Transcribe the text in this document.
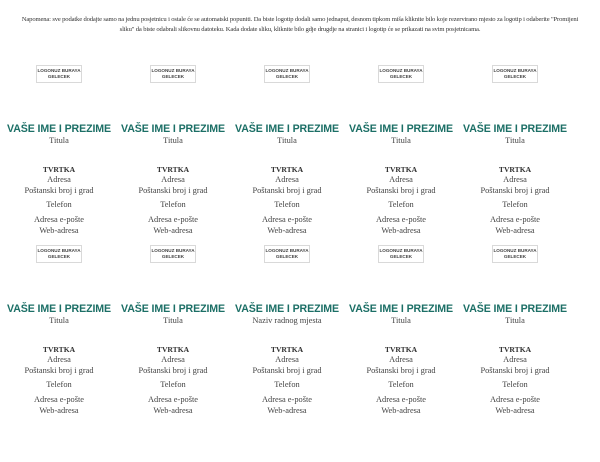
Napomena: sve podatke dodajte samo na jednu posjetnicu i ostale će se automatski popuniti. Da biste logotip dodali samo jednaput, desnom tipkom miša kliknite bilo koje rezervirano mjesto za logotip i odaberite "Promijeni sliku" da biste odabrali slikovnu datoteku. Kada dodate sliku, kliknite bilo gdje drugdje na stranici i logotip će se prikazati na svim posjetnicama.
LOGONUZ BURAYA
GELECEK
VAŠE IME I PREZIME
Titula
TVRTKA
Adresa
Poštanski broj i grad
Telefon
Adresa e-pošte
Web-adresa
LOGONUZ BURAYA
GELECEK
VAŠE IME I PREZIME
Titula
TVRTKA
Adresa
Poštanski broj i grad
Telefon
Adresa e-pošte
Web-adresa
LOGONUZ BURAYA
GELECEK
VAŠE IME I PREZIME
Titula
TVRTKA
Adresa
Poštanski broj i grad
Telefon
Adresa e-pošte
Web-adresa
LOGONUZ BURAYA
GELECEK
VAŠE IME I PREZIME
Titula
TVRTKA
Adresa
Poštanski broj i grad
Telefon
Adresa e-pošte
Web-adresa
LOGONUZ BURAYA
GELECEK
VAŠE IME I PREZIME
Titula
TVRTKA
Adresa
Poštanski broj i grad
Telefon
Adresa e-pošte
Web-adresa
LOGONUZ BURAYA
GELECEK
VAŠE IME I PREZIME
Titula
TVRTKA
Adresa
Poštanski broj i grad
Telefon
Adresa e-pošte
Web-adresa
LOGONUZ BURAYA
GELECEK
VAŠE IME I PREZIME
Titula
TVRTKA
Adresa
Poštanski broj i grad
Telefon
Adresa e-pošte
Web-adresa
LOGONUZ BURAYA
GELECEK
VAŠE IME I PREZIME
Naziv radnog mjesta
TVRTKA
Adresa
Poštanski broj i grad
Telefon
Adresa e-pošte
Web-adresa
LOGONUZ BURAYA
GELECEK
VAŠE IME I PREZIME
Titula
TVRTKA
Adresa
Poštanski broj i grad
Telefon
Adresa e-pošte
Web-adresa
LOGONUZ BURAYA
GELECEK
VAŠE IME I PREZIME
Titula
TVRTKA
Adresa
Poštanski broj i grad
Telefon
Adresa e-pošte
Web-adresa
